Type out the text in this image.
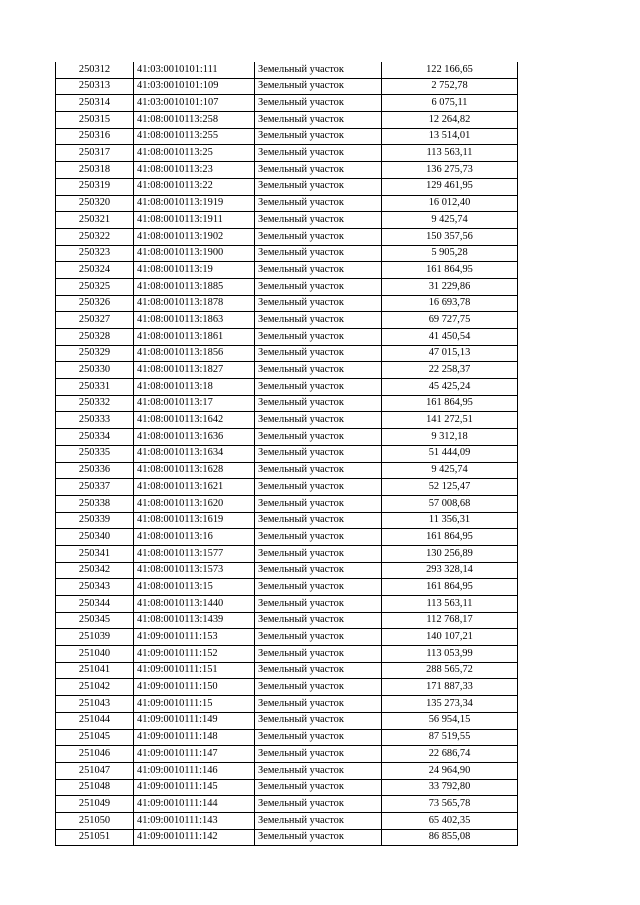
250312	41:03:0010101:111	Земельный участок	122 166,65
250313	41:03:0010101:109	Земельный участок	2 752,78
250314	41:03:0010101:107	Земельный участок	6 075,11
250315	41:08:0010113:258	Земельный участок	12 264,82
250316	41:08:0010113:255	Земельный участок	13 514,01
250317	41:08:0010113:25	Земельный участок	113 563,11
250318	41:08:0010113:23	Земельный участок	136 275,73
250319	41:08:0010113:22	Земельный участок	129 461,95
250320	41:08:0010113:1919	Земельный участок	16 012,40
250321	41:08:0010113:1911	Земельный участок	9 425,74
250322	41:08:0010113:1902	Земельный участок	150 357,56
250323	41:08:0010113:1900	Земельный участок	5 905,28
250324	41:08:0010113:19	Земельный участок	161 864,95
250325	41:08:0010113:1885	Земельный участок	31 229,86
250326	41:08:0010113:1878	Земельный участок	16 693,78
250327	41:08:0010113:1863	Земельный участок	69 727,75
250328	41:08:0010113:1861	Земельный участок	41 450,54
250329	41:08:0010113:1856	Земельный участок	47 015,13
250330	41:08:0010113:1827	Земельный участок	22 258,37
250331	41:08:0010113:18	Земельный участок	45 425,24
250332	41:08:0010113:17	Земельный участок	161 864,95
250333	41:08:0010113:1642	Земельный участок	141 272,51
250334	41:08:0010113:1636	Земельный участок	9 312,18
250335	41:08:0010113:1634	Земельный участок	51 444,09
250336	41:08:0010113:1628	Земельный участок	9 425,74
250337	41:08:0010113:1621	Земельный участок	52 125,47
250338	41:08:0010113:1620	Земельный участок	57 008,68
250339	41:08:0010113:1619	Земельный участок	11 356,31
250340	41:08:0010113:16	Земельный участок	161 864,95
250341	41:08:0010113:1577	Земельный участок	130 256,89
250342	41:08:0010113:1573	Земельный участок	293 328,14
250343	41:08:0010113:15	Земельный участок	161 864,95
250344	41:08:0010113:1440	Земельный участок	113 563,11
250345	41:08:0010113:1439	Земельный участок	112 768,17
251039	41:09:0010111:153	Земельный участок	140 107,21
251040	41:09:0010111:152	Земельный участок	113 053,99
251041	41:09:0010111:151	Земельный участок	288 565,72
251042	41:09:0010111:150	Земельный участок	171 887,33
251043	41:09:0010111:15	Земельный участок	135 273,34
251044	41:09:0010111:149	Земельный участок	56 954,15
251045	41:09:0010111:148	Земельный участок	87 519,55
251046	41:09:0010111:147	Земельный участок	22 686,74
251047	41:09:0010111:146	Земельный участок	24 964,90
251048	41:09:0010111:145	Земельный участок	33 792,80
251049	41:09:0010111:144	Земельный участок	73 565,78
251050	41:09:0010111:143	Земельный участок	65 402,35
251051	41:09:0010111:142	Земельный участок	86 855,08
